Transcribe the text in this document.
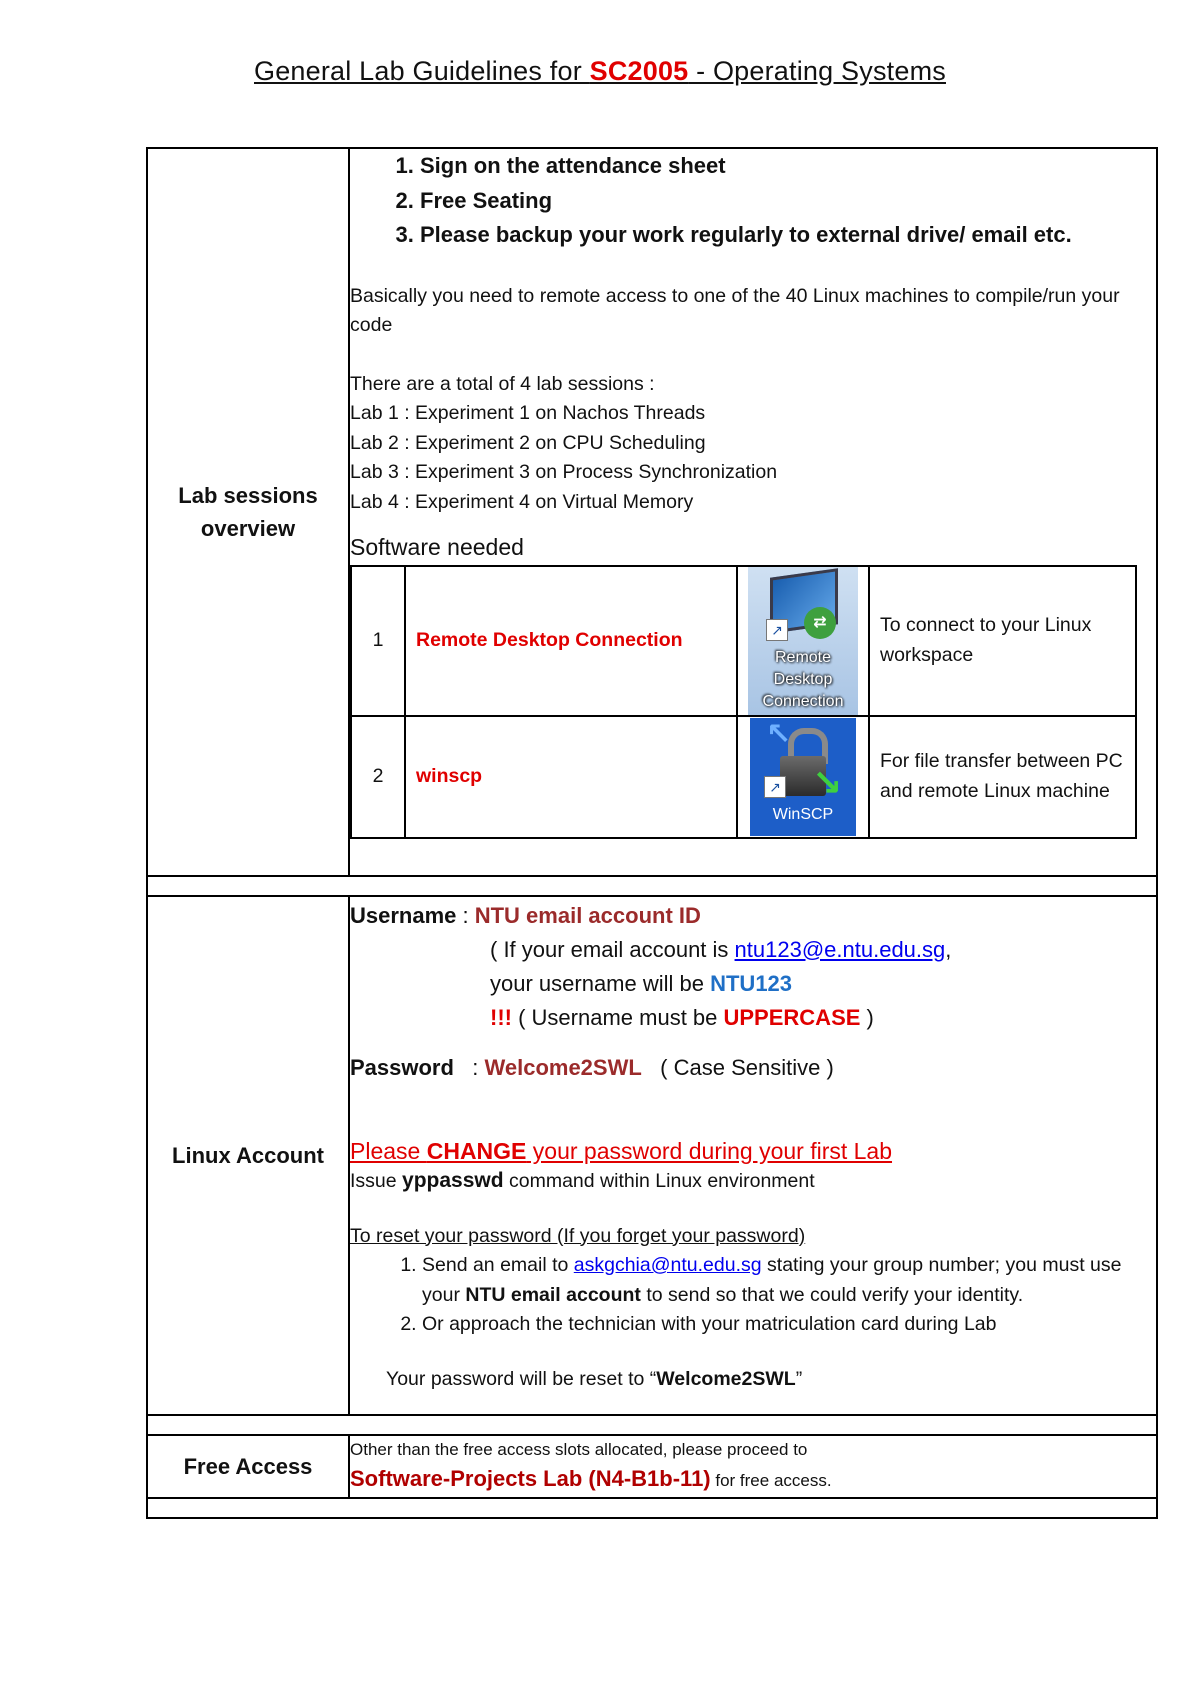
General Lab Guidelines for SC2005 - Operating Systems
Lab sessions overview	
1. Sign on the attendance sheet
2. Free Seating
3. Please backup your work regularly to external drive/ email etc.

Basically you need to remote access to one of the 40 Linux machines to compile/run your code

There are a total of 4 lab sessions :

Lab 1 : Experiment 1 on Nachos Threads

Lab 2 : Experiment 2 on CPU Scheduling

Lab 3 : Experiment 3 on Process Synchronization

Lab 4 : Experiment 4 on Virtual Memory

Software needed

1	Remote Desktop Connection	
⇄
↗
Remote Desktop Connection
	To connect to your Linux workspace
2	winscp	
↖
↘
↗
WinSCP
	For file transfer between PC and remote Linux machine

Linux Account	

Username : NTU email account ID

( If your email account is ntu123@e.ntu.edu.sg,

your username will be NTU123

!!! ( Username must be UPPERCASE )

Password   : Welcome2SWL ( Case Sensitive )

Please CHANGE your password during your first Lab

Issue yppasswd command within Linux environment

To reset your password (If you forget your password)

1. Send an email to askgchia@ntu.edu.sg stating your group number; you must use your NTU email account to send so that we could verify your identity.
2. Or approach the technician with your matriculation card during Lab

Your password will be reset to “Welcome2SWL”

Free Access	

Other than the free access slots allocated, please proceed to

Software-Projects Lab (N4-B1b-11) for free access.
